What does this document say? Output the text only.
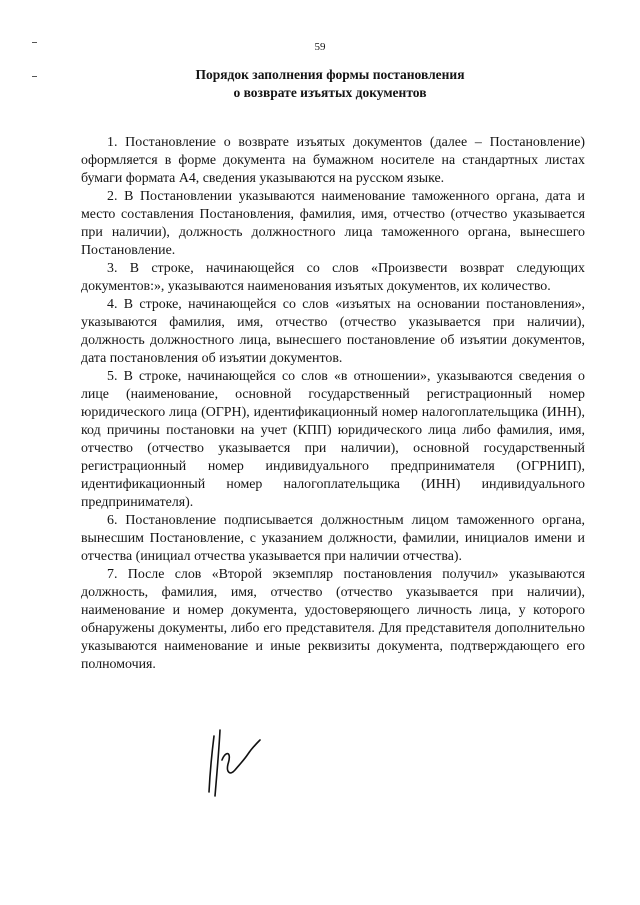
59
Порядок заполнения формы постановления
о возврате изъятых документов

1. Постановление о возврате изъятых документов (далее – Постановление) оформляется в форме документа на бумажном носителе на стандартных листах бумаги формата А4, сведения указываются на русском языке.

2. В Постановлении указываются наименование таможенного органа, дата и место составления Постановления, фамилия, имя, отчество (отчество указывается при наличии), должность должностного лица таможенного органа, вынесшего Постановление.

3. В строке, начинающейся со слов «Произвести возврат следующих документов:», указываются наименования изъятых документов, их количество.

4. В строке, начинающейся со слов «изъятых на основании постановления», указываются фамилия, имя, отчество (отчество указывается при наличии), должность должностного лица, вынесшего постановление об изъятии документов, дата постановления об изъятии документов.

5. В строке, начинающейся со слов «в отношении», указываются сведения о лице (наименование, основной государственный регистрационный номер юридического лица (ОГРН), идентификационный номер налогоплательщика (ИНН), код причины постановки на учет (КПП) юридического лица либо фамилия, имя, отчество (отчество указывается при наличии), основной государственный регистрационный номер индивидуального предпринимателя (ОГРНИП), идентификационный номер налогоплательщика (ИНН) индивидуального предпринимателя).

6. Постановление подписывается должностным лицом таможенного органа, вынесшим Постановление, с указанием должности, фамилии, инициалов имени и отчества (инициал отчества указывается при наличии отчества).

7. После слов «Второй экземпляр постановления получил» указываются должность, фамилия, имя, отчество (отчество указывается при наличии), наименование и номер документа, удостоверяющего личность лица, у которого обнаружены документы, либо его представителя. Для представителя дополнительно указываются наименование и иные реквизиты документа, подтверждающего его полномочия.
